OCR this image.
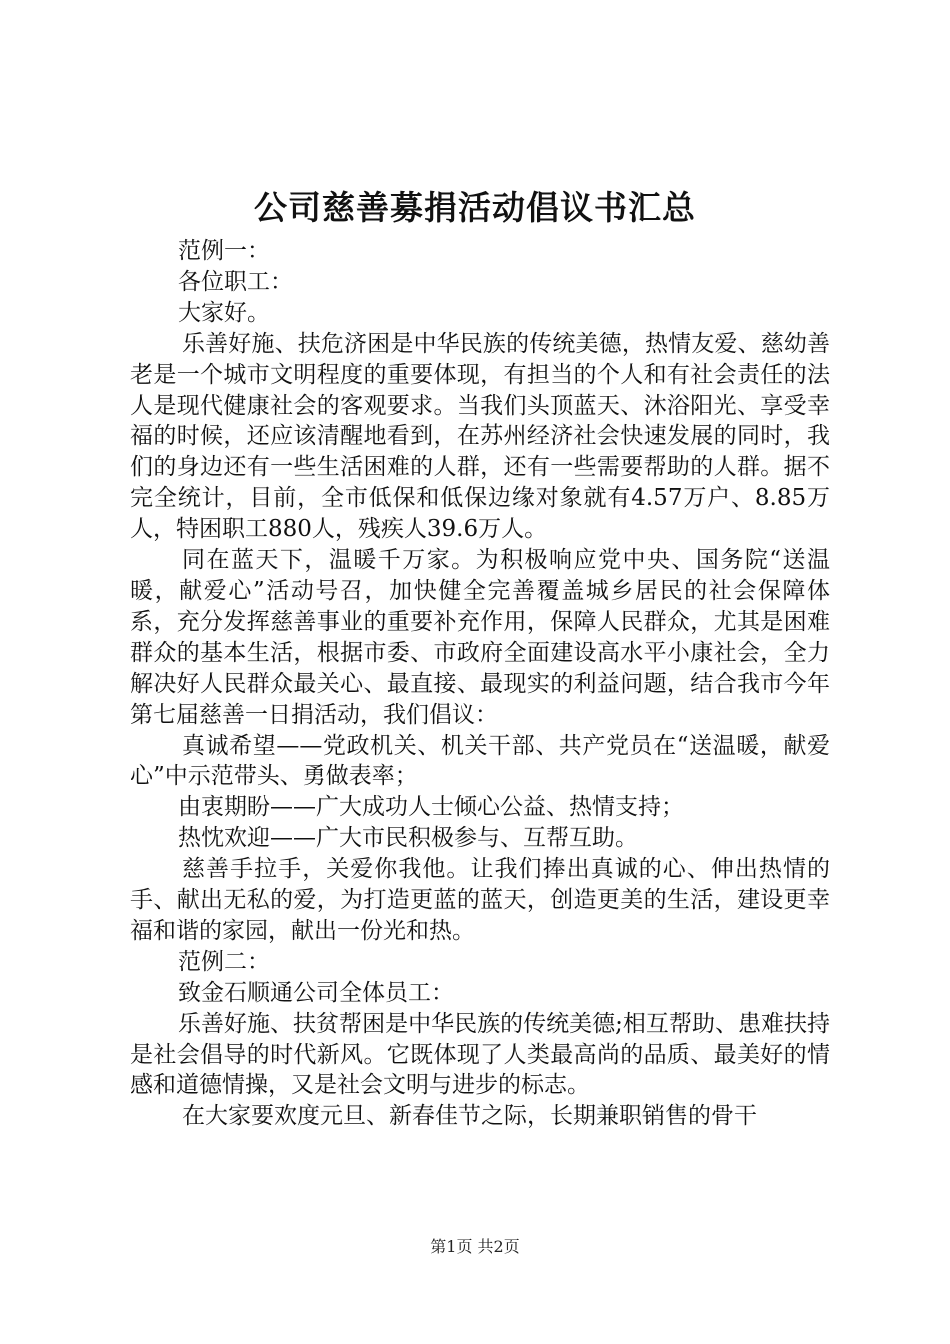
公司慈善募捐活动倡议书汇总

范例一：

各位职工：

大家好。

乐善好施、扶危济困是中华民族的传统美德，热情友爱、慈幼善老是一个城市文明程度的重要体现，有担当的个人和有社会责任的法人是现代健康社会的客观要求。当我们头顶蓝天、沐浴阳光、享受幸福的时候，还应该清醒地看到，在苏州经济社会快速发展的同时，我们的身边还有一些生活困难的人群，还有一些需要帮助的人群。据不完全统计，目前，全市低保和低保边缘对象就有4.57万户、8.85万人，特困职工880人，残疾人39.6万人。

同在蓝天下，温暖千万家。为积极响应党中央、国务院“送温暖，献爱心”活动号召，加快健全完善覆盖城乡居民的社会保障体系，充分发挥慈善事业的重要补充作用，保障人民群众，尤其是困难群众的基本生活，根据市委、市政府全面建设高水平小康社会，全力解决好人民群众最关心、最直接、最现实的利益问题，结合我市今年第七届慈善一日捐活动，我们倡议：

真诚希望——党政机关、机关干部、共产党员在“送温暖，献爱心”中示范带头、勇做表率；

由衷期盼——广大成功人士倾心公益、热情支持；

热忱欢迎——广大市民积极参与、互帮互助。

慈善手拉手，关爱你我他。让我们捧出真诚的心、伸出热情的手、献出无私的爱，为打造更蓝的蓝天，创造更美的生活，建设更幸福和谐的家园，献出一份光和热。

范例二：

致金石顺通公司全体员工：

乐善好施、扶贫帮困是中华民族的传统美德;相互帮助、患难扶持是社会倡导的时代新风。它既体现了人类最高尚的品质、最美好的情感和道德情操，又是社会文明与进步的标志。

在大家要欢度元旦、新春佳节之际，长期兼职销售的骨干

第1页 共2页
